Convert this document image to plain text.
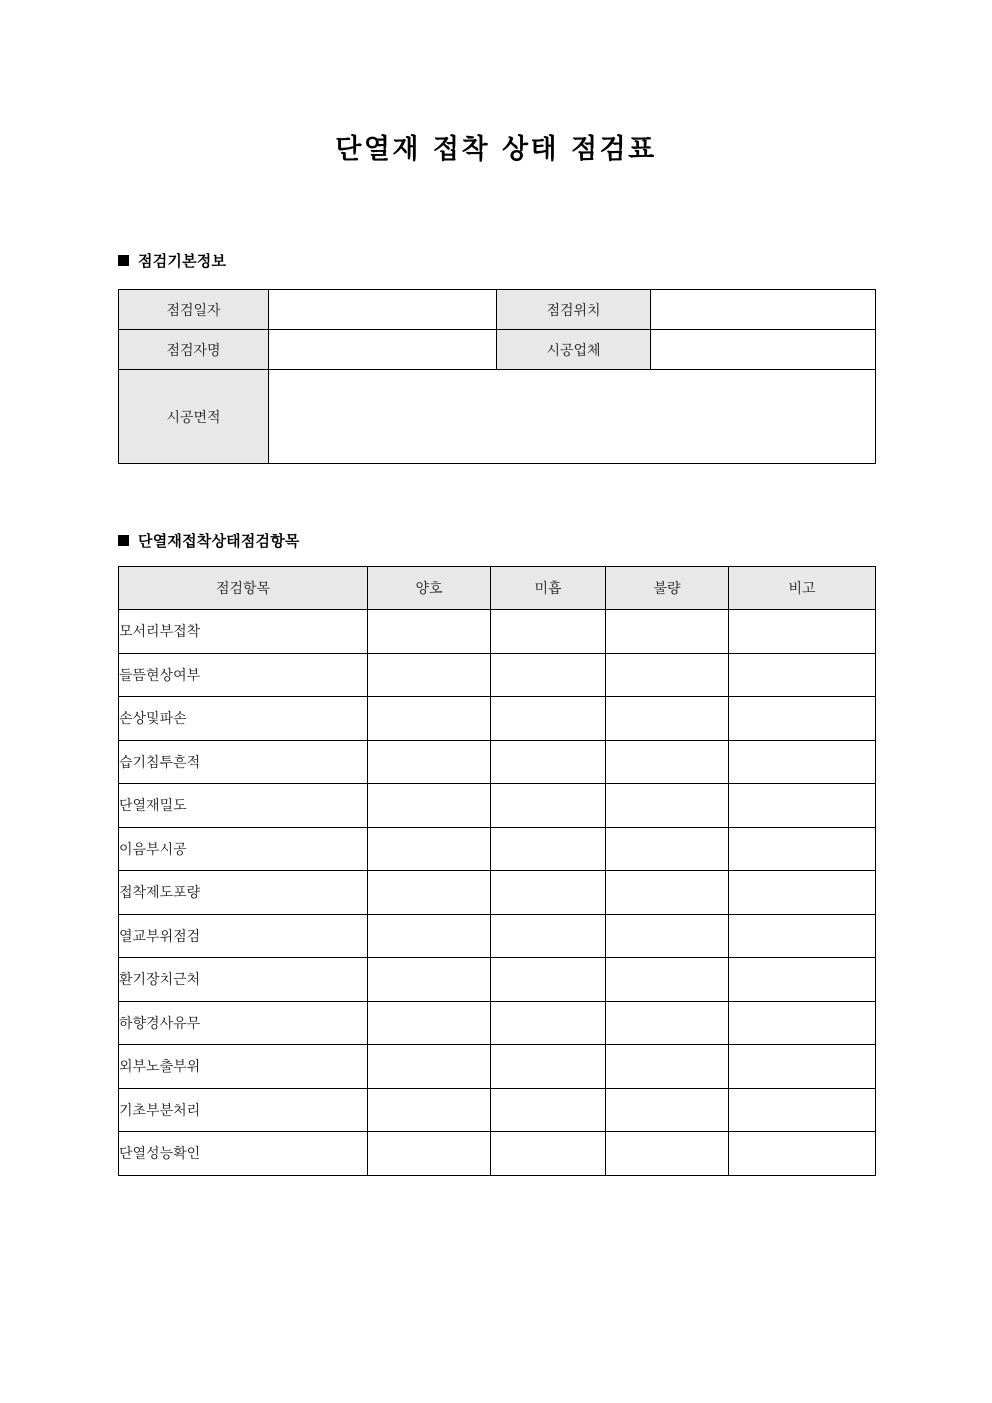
단열재 접착 상태 점검표
점검기본정보
점검일자		점검위치	
점검자명		시공업체	
시공면적			
단열재접착상태점검항목
점검항목	양호	미흡	불량	비고
모서리부접착				
들뜸현상여부				
손상및파손				
습기침투흔적				
단열재밀도				
이음부시공				
접착제도포량				
열교부위점검				
환기장치근처				
하향경사유무				
외부노출부위				
기초부분처리				
단열성능확인				
